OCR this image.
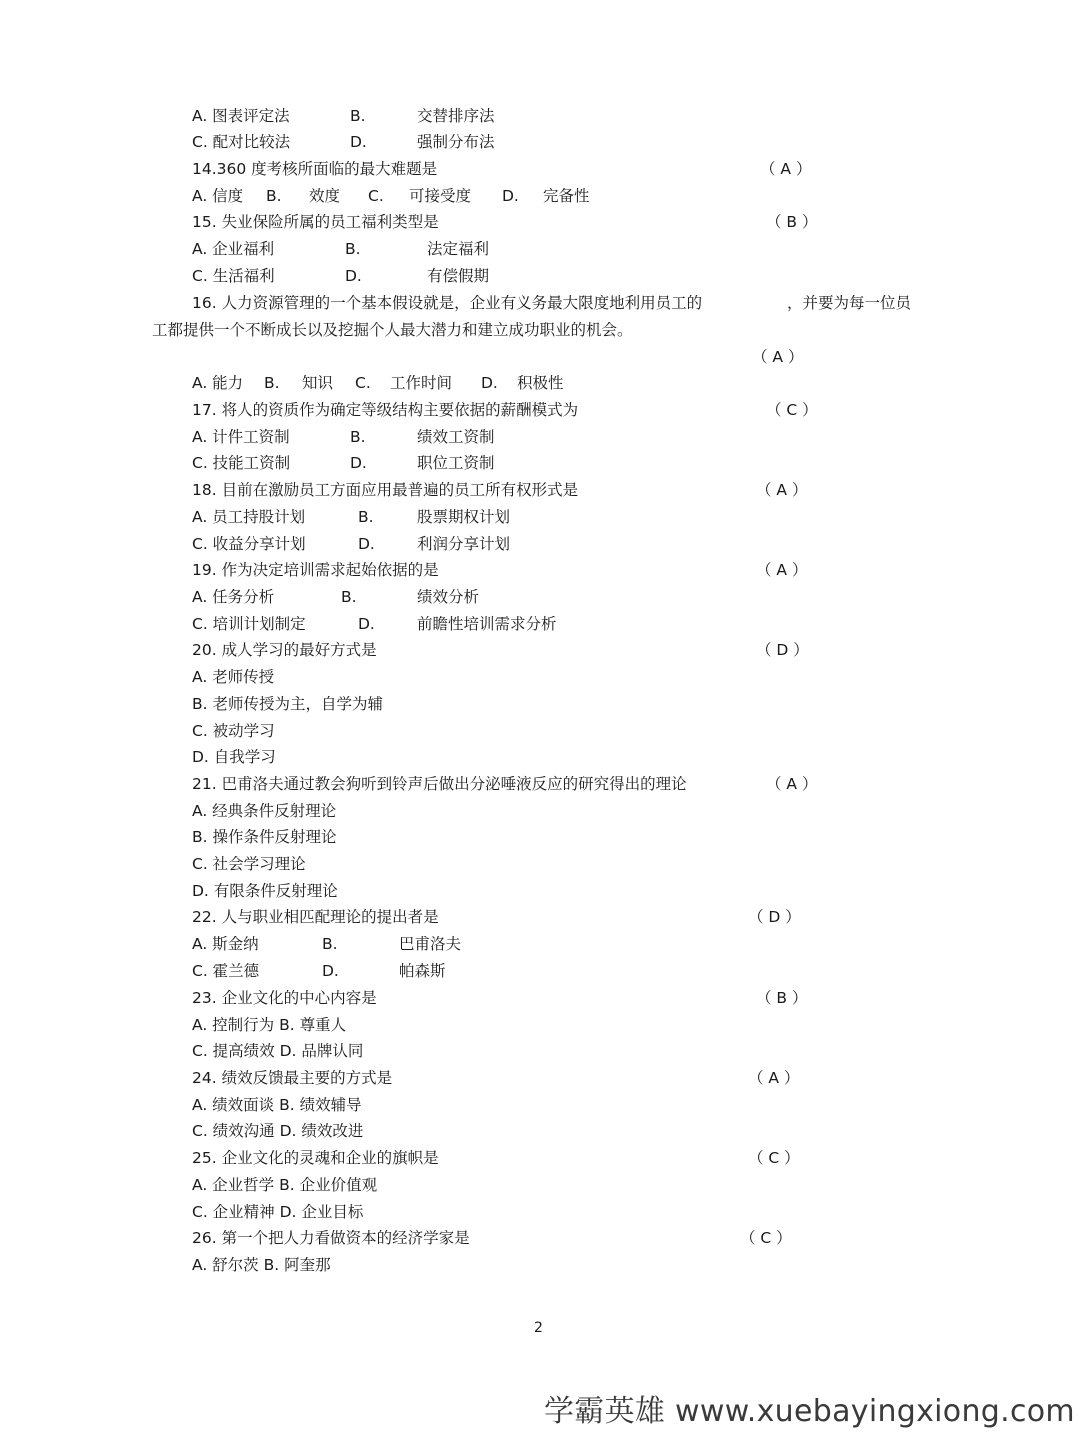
A. 图表评定法	B.	交替排序法
C. 配对比较法	D.	强制分布法
14.360 度考核所面临的最大难题是	（ A ）
A. 信度 B. 效度 C. 可接受度 D. 完备性
15. 失业保险所属的员工福利类型是	（ B ）
A. 企业福利	B.	法定福利
C. 生活福利	D.	有偿假期
16. 人力资源管理的一个基本假设就是，企业有义务最大限度地利用员工的	，并要为每一位员
工都提供一个不断成长以及挖掘个人最大潜力和建立成功职业的机会。
（ A ）
A. 能力 B. 知识 C. 工作时间 D. 积极性
17. 将人的资质作为确定等级结构主要依据的薪酬模式为	（ C ）
A. 计件工资制	B.	绩效工资制
C. 技能工资制	D.	职位工资制
18. 目前在激励员工方面应用最普遍的员工所有权形式是	（ A ）
A. 员工持股计划	B.	股票期权计划
C. 收益分享计划	D.	利润分享计划
19. 作为决定培训需求起始依据的是	（ A ）
A. 任务分析	B.	绩效分析
C. 培训计划制定	D.	前瞻性培训需求分析
20. 成人学习的最好方式是	（ D ）
A. 老师传授
B. 老师传授为主，自学为辅
C. 被动学习
D. 自我学习
21. 巴甫洛夫通过教会狗听到铃声后做出分泌唾液反应的研究得出的理论	（ A ）
A. 经典条件反射理论
B. 操作条件反射理论
C. 社会学习理论
D. 有限条件反射理论
22. 人与职业相匹配理论的提出者是	（ D ）
A. 斯金纳	B.	巴甫洛夫
C. 霍兰德	D.	帕森斯
23. 企业文化的中心内容是	（ B ）
A. 控制行为 B. 尊重人
C. 提高绩效 D. 品牌认同
24. 绩效反馈最主要的方式是	（ A ）
A. 绩效面谈 B. 绩效辅导
C. 绩效沟通 D. 绩效改进
25. 企业文化的灵魂和企业的旗帜是	（ C ）
A. 企业哲学 B. 企业价值观
C. 企业精神 D. 企业目标
26. 第一个把人力看做资本的经济学家是	（ C ）
A. 舒尔茨 B. 阿奎那
2
学霸英雄 www.xuebayingxiong.com
